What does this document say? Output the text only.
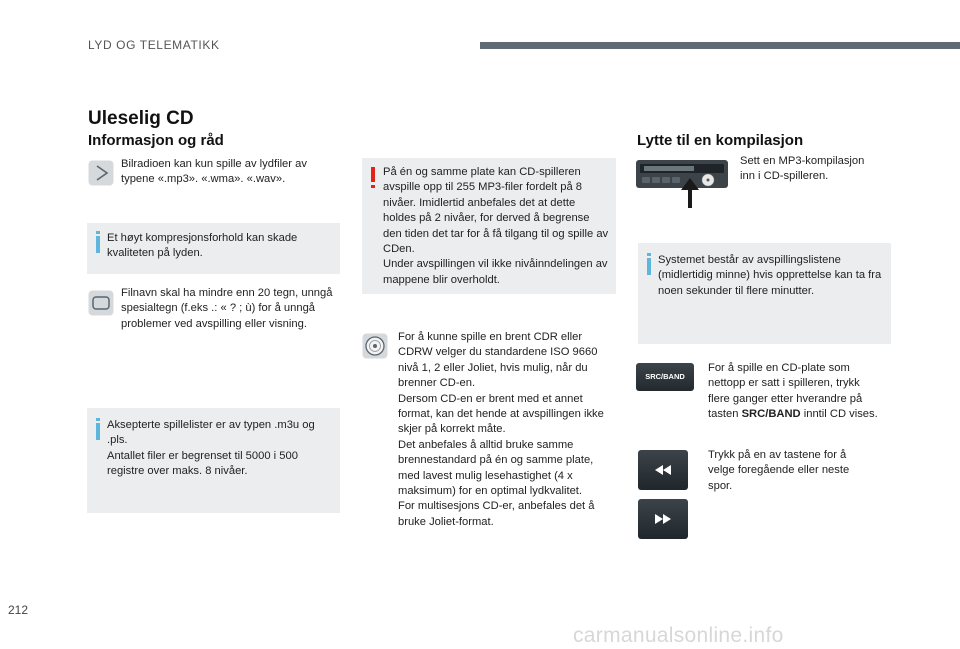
LYD OG TELEMATIKK
Uleselig CD
Informasjon og råd
Bilradioen kan kun spille av lydfiler av typene «.mp3». «.wma». «.wav».
Et høyt kompresjonsforhold kan skade kvaliteten på lyden.
Filnavn skal ha mindre enn 20 tegn, unngå spesialtegn (f.eks .: « ? ; ù) for å unngå problemer ved avspilling eller visning.
Aksepterte spillelister er av typen .m3u og .pls.
Antallet filer er begrenset til 5000 i 500 registre over maks. 8 nivåer.
På én og samme plate kan CD-spilleren avspille opp til 255 MP3-filer fordelt på 8 nivåer. Imidlertid anbefales det at dette holdes på 2 nivåer, for derved å begrense den tiden det tar for å få tilgang til og spille av CDen.
Under avspillingen vil ikke nivåinndelingen av mappene blir overholdt.
For å kunne spille en brent CDR eller CDRW velger du standardene ISO 9660 nivå 1, 2 eller Joliet, hvis mulig, når du brenner CD-en.
Dersom CD-en er brent med et annet format, kan det hende at avspillingen ikke skjer på korrekt måte.
Det anbefales å alltid bruke samme brennestandard på én og samme plate, med lavest mulig lesehastighet (4 x maksimum) for en optimal lydkvalitet.
For multisesjons CD-er, anbefales det å bruke Joliet-format.
Lytte til en kompilasjon
Sett en MP3-kompilasjon inn i CD-spilleren.
Systemet består av avspillingslistene (midlertidig minne) hvis opprettelse kan ta fra noen sekunder til flere minutter.
SRC/BAND
For å spille en CD-plate som nettopp er satt i spilleren, trykk flere ganger etter hverandre på tasten SRC/BAND inntil CD vises.
Trykk på en av tastene for å velge foregående eller neste spor.
212
carmanualsonline.info
